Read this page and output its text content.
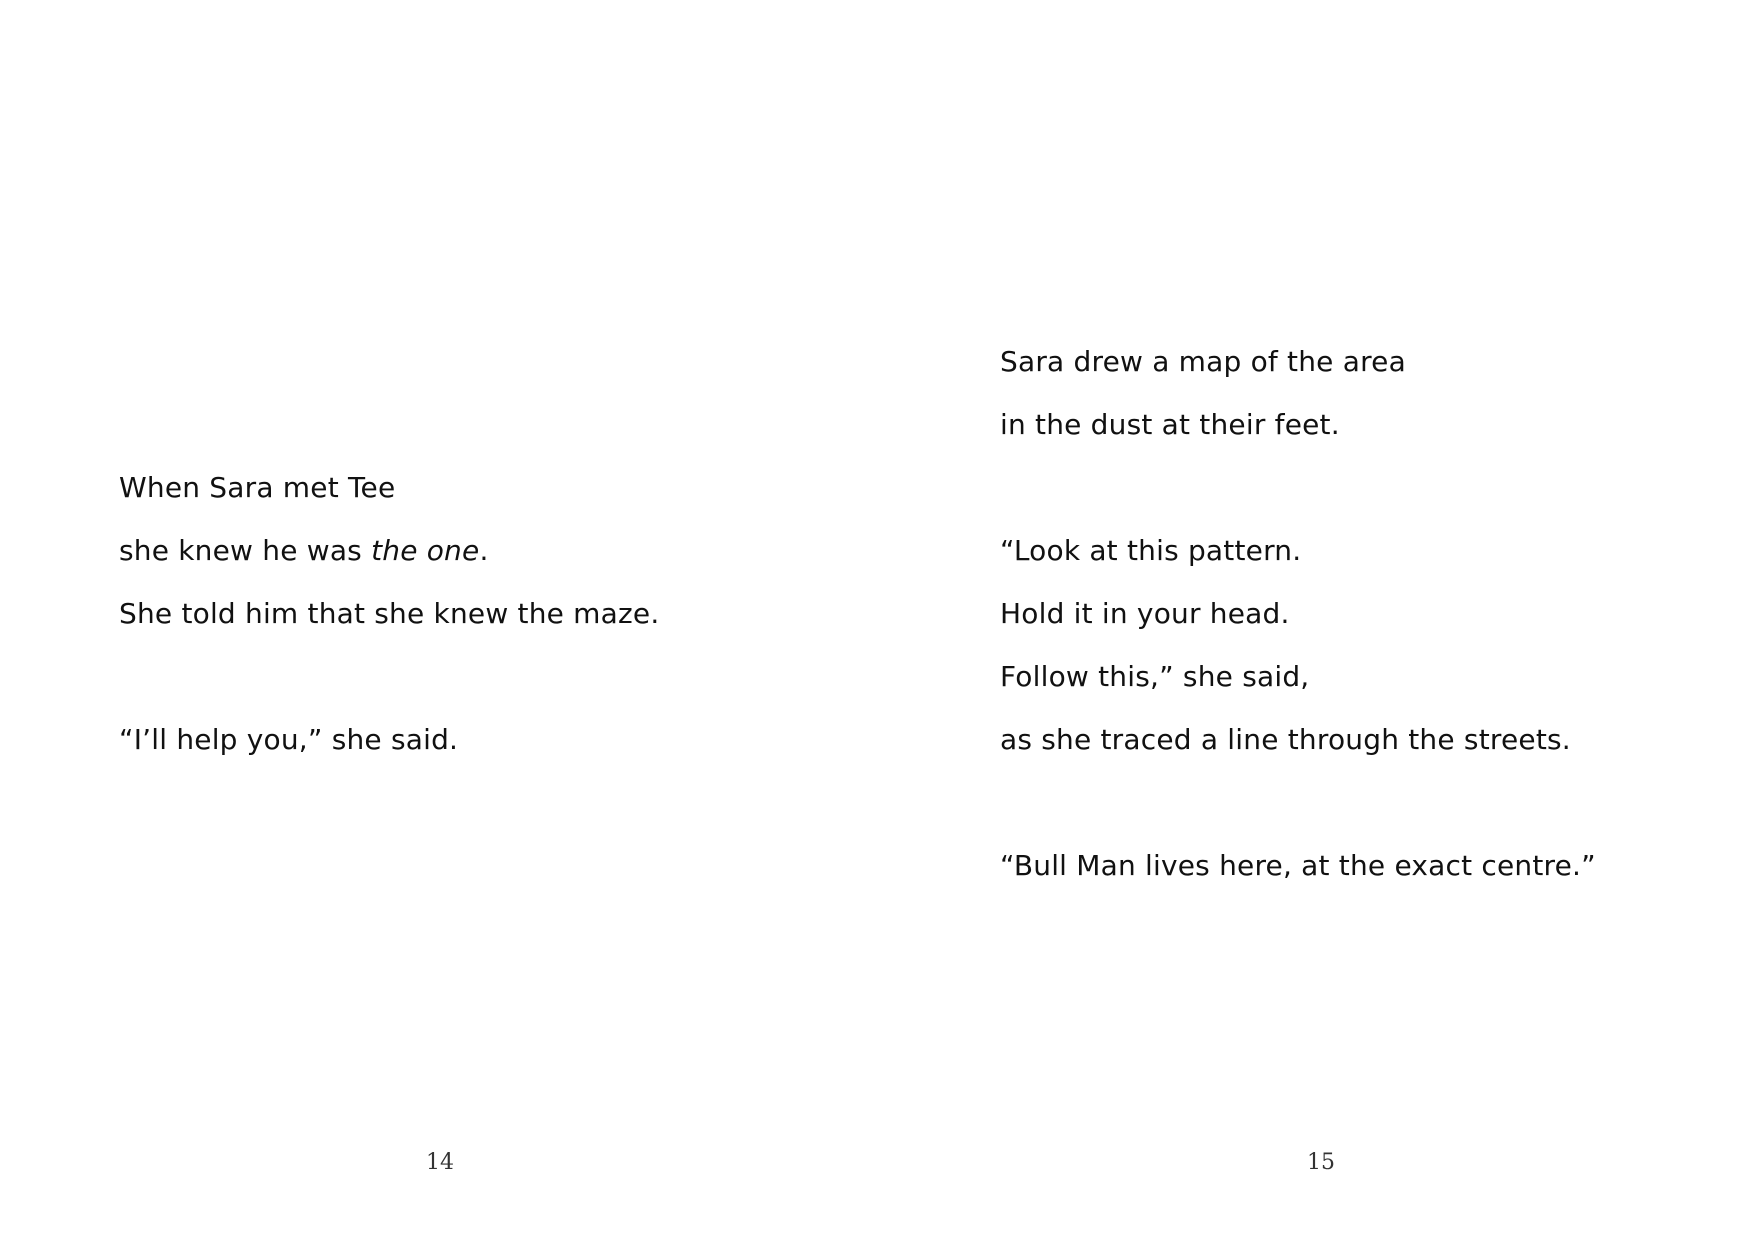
When Sara met Tee
she knew he was the one.
She told him that she knew the maze.
“I’ll help you,” she said.
14
Sara drew a map of the area
in the dust at their feet.
“Look at this pattern.
Hold it in your head.
Follow this,” she said,
as she traced a line through the streets.
“Bull Man lives here, at the exact centre.”
15
